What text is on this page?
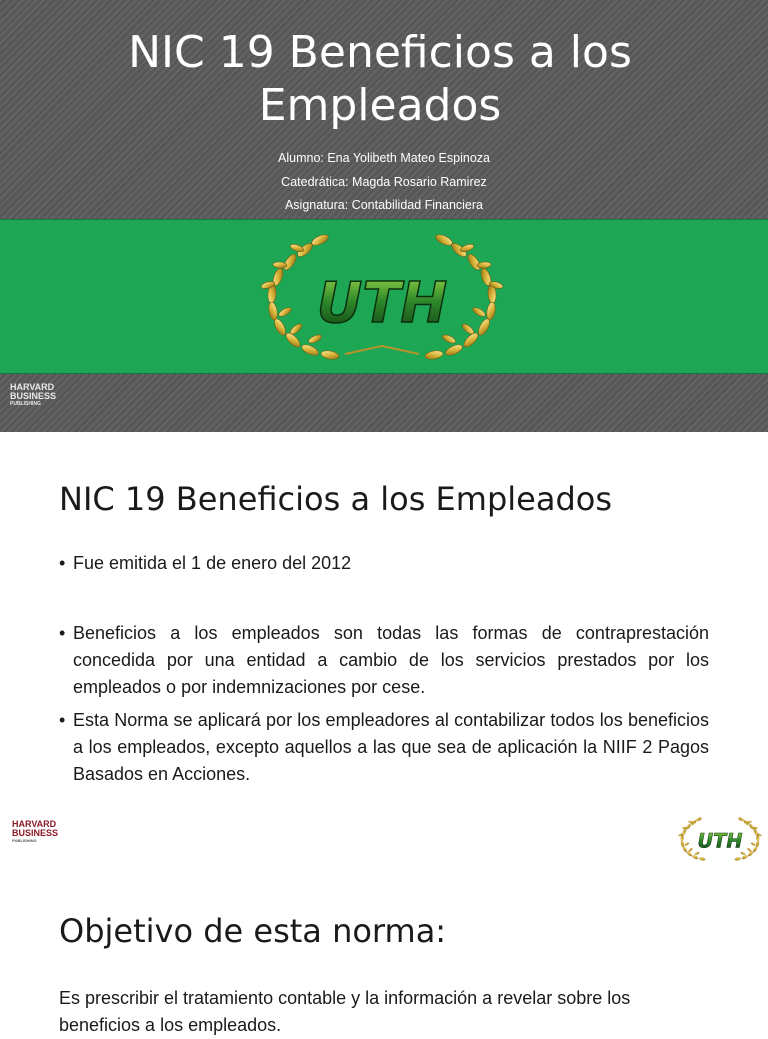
NIC 19 Beneficios a los Empleados
Alumno: Ena Yolibeth Mateo Espinoza
Catedrática: Magda Rosario Ramirez
Asignatura: Contabilidad Financiera
UTH
HARVARD
BUSINESS
PUBLISHING
NIC 19 Beneficios a los Empleados
• Fue emitida el 1 de enero del 2012
• Beneficios a los empleados son todas las formas de contraprestación concedida por una entidad a cambio de los servicios prestados por los empleados o por indemnizaciones por cese.
• Esta Norma se aplicará por los empleadores al contabilizar todos los beneficios a los empleados, excepto aquellos a las que sea de aplicación la NIIF 2 Pagos Basados en Acciones.
HARVARD
BUSINESS
PUBLISHING	UTH
Objetivo de esta norma:
Es prescribir el tratamiento contable y la información a revelar sobre los beneficios a los empleados.
